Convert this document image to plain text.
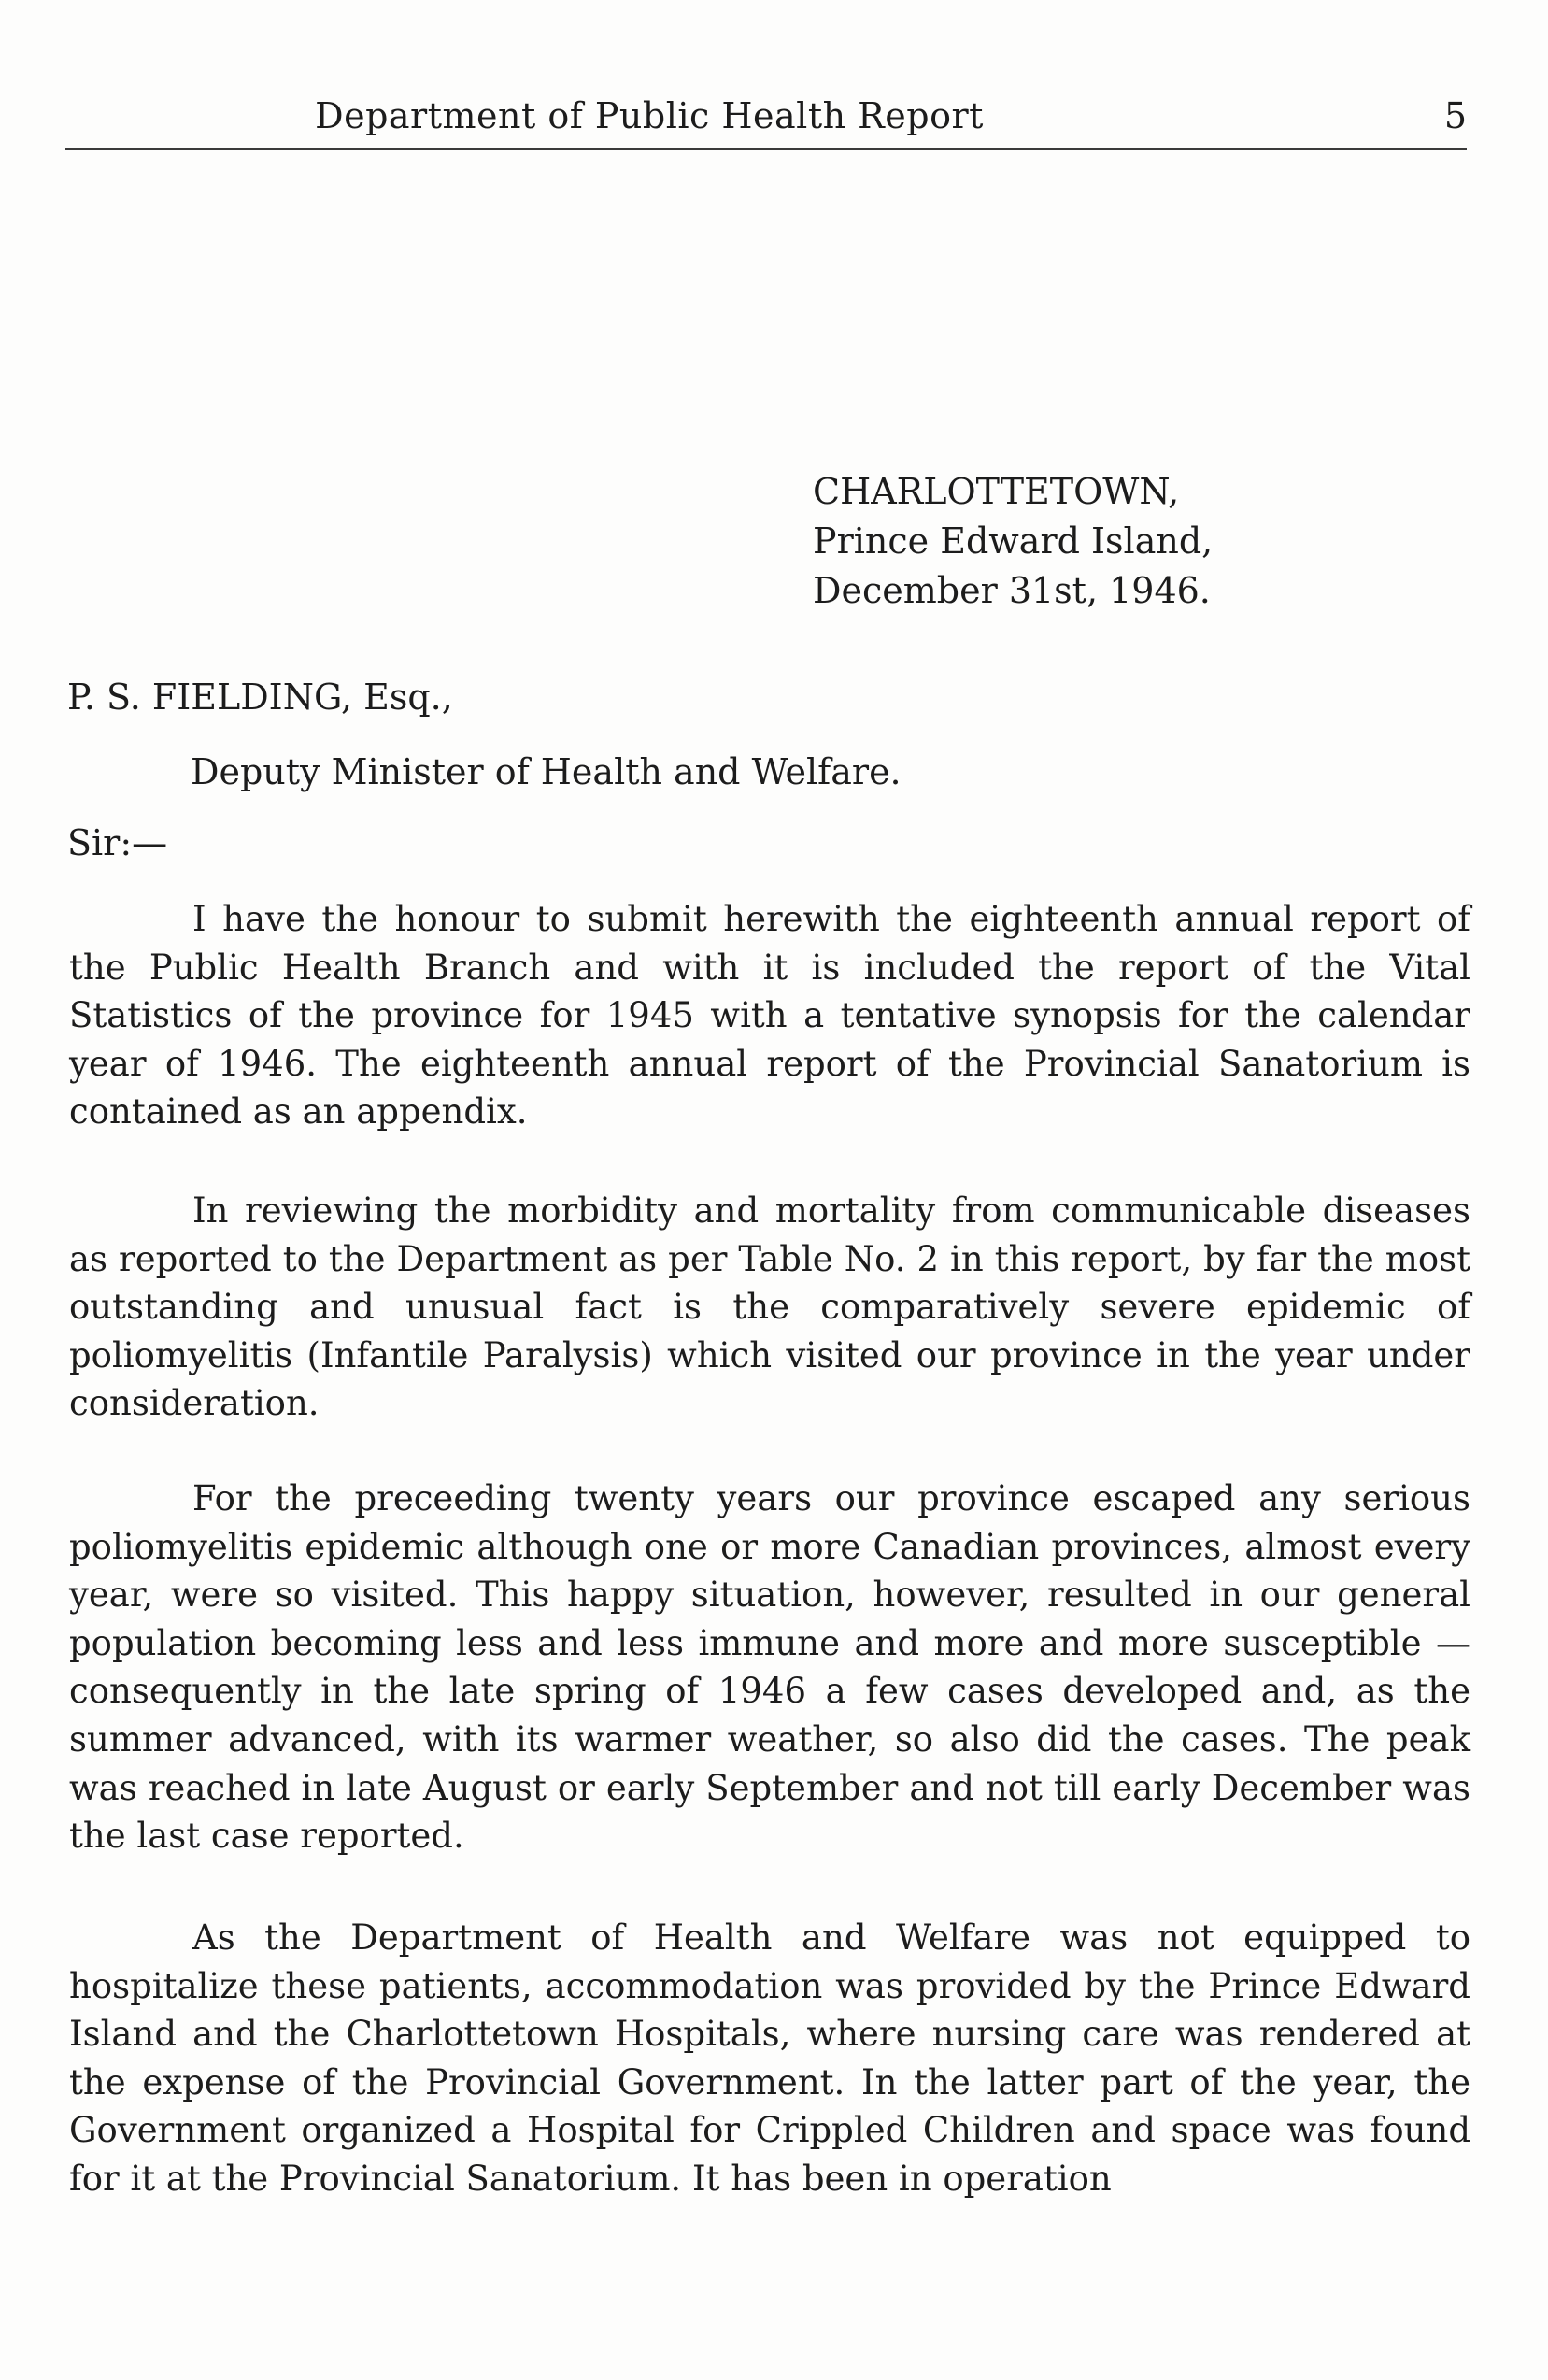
Department of Public Health Report	5
CHARLOTTETOWN,
Prince Edward Island,
December 31st, 1946.
P. S. FIELDING, Esq.,
Deputy Minister of Health and Welfare.
Sir:—

I have the honour to submit herewith the eighteenth annual report of the Public Health Branch and with it is included the report of the Vital Statistics of the province for 1945 with a tentative synopsis for the calendar year of 1946. The eighteenth annual report of the Provincial Sanatorium is contained as an appendix.

In reviewing the morbidity and mortality from communicable diseases as reported to the Department as per Table No. 2 in this report, by far the most outstanding and unusual fact is the comparatively severe epidemic of poliomyelitis (Infantile Paralysis) which visited our province in the year under consideration.

For the preceeding twenty years our province escaped any serious poliomyelitis epidemic although one or more Canadian provinces, almost every year, were so visited. This happy situation, however, resulted in our general population becoming less and less immune and more and more susceptible — consequently in the late spring of 1946 a few cases developed and, as the summer advanced, with its warmer weather, so also did the cases. The peak was reached in late August or early September and not till early December was the last case reported.

As the Department of Health and Welfare was not equipped to hospitalize these patients, accommodation was provided by the Prince Edward Island and the Charlottetown Hospitals, where nursing care was rendered at the expense of the Provincial Government. In the latter part of the year, the Government organized a Hospital for Crippled Children and space was found for it at the Provincial Sanatorium. It has been in operation
